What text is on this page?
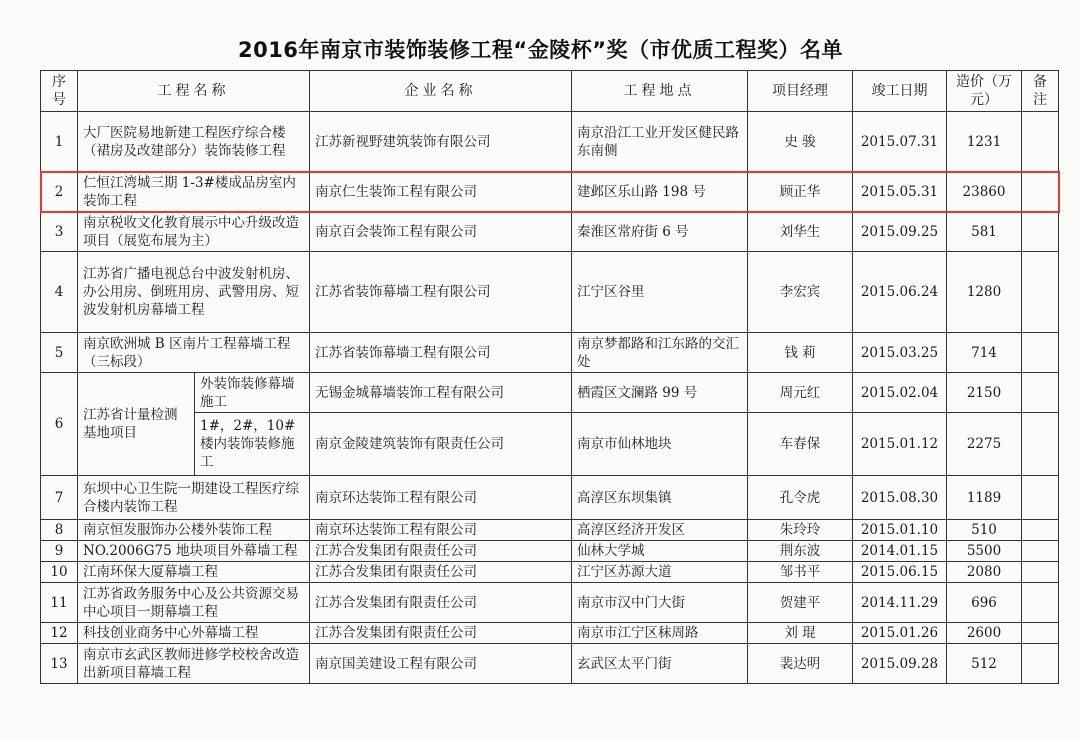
2016年南京市装饰装修工程“金陵杯”奖（市优质工程奖）名单
序号	工程名称		企业名称	工程地点	项目经理	竣工日期	造价（万元）	备注
1	大厂医院易地新建工程医疗综合楼（裙房及改建部分）装饰装修工程		江苏新视野建筑装饰有限公司	南京沿江工业开发区健民路东南侧	史 骏	2015.07.31	1231	
2	仁恒江湾城三期 1-3#楼成品房室内装饰工程		南京仁生装饰工程有限公司	建邺区乐山路 198 号	顾正华	2015.05.31	23860	
3	南京税收文化教育展示中心升级改造项目（展览布展为主）		南京百会装饰工程有限公司	秦淮区常府街 6 号	刘华生	2015.09.25	581	
4	江苏省广播电视总台中波发射机房、办公用房、倒班用房、武警用房、短波发射机房幕墙工程		江苏省装饰幕墙工程有限公司	江宁区谷里	李宏宾	2015.06.24	1280	
5	南京欧洲城 B 区南片工程幕墙工程（三标段）		江苏省装饰幕墙工程有限公司	南京梦都路和江东路的交汇处	钱 莉	2015.03.25	714	
6	江苏省计量检测基地项目	外装饰装修幕墙施工	无锡金城幕墙装饰工程有限公司	栖霞区文澜路 99 号	周元红	2015.02.04	2150	
		1#，2#，10#楼内装饰装修施工	南京金陵建筑装饰有限责任公司	南京市仙林地块	车春保	2015.01.12	2275	
7	东坝中心卫生院一期建设工程医疗综合楼内装饰工程		南京环达装饰工程有限公司	高淳区东坝集镇	孔令虎	2015.08.30	1189	
8	南京恒发服饰办公楼外装饰工程		南京环达装饰工程有限公司	高淳区经济开发区	朱玲玲	2015.01.10	510	
9	NO.2006G75 地块项目外幕墙工程		江苏合发集团有限责任公司	仙林大学城	荆东波	2014.01.15	5500	
10	江南环保大厦幕墙工程		江苏合发集团有限责任公司	江宁区苏源大道	邹书平	2015.06.15	2080	
11	江苏省政务服务中心及公共资源交易中心项目一期幕墙工程		江苏合发集团有限责任公司	南京市汉中门大街	贺建平	2014.11.29	696	
12	科技创业商务中心外幕墙工程		江苏合发集团有限责任公司	南京市江宁区秣周路	刘 琨	2015.01.26	2600	
13	南京市玄武区教师进修学校校舍改造出新项目幕墙工程		南京国美建设工程有限公司	玄武区太平门街	裴达明	2015.09.28	512	
